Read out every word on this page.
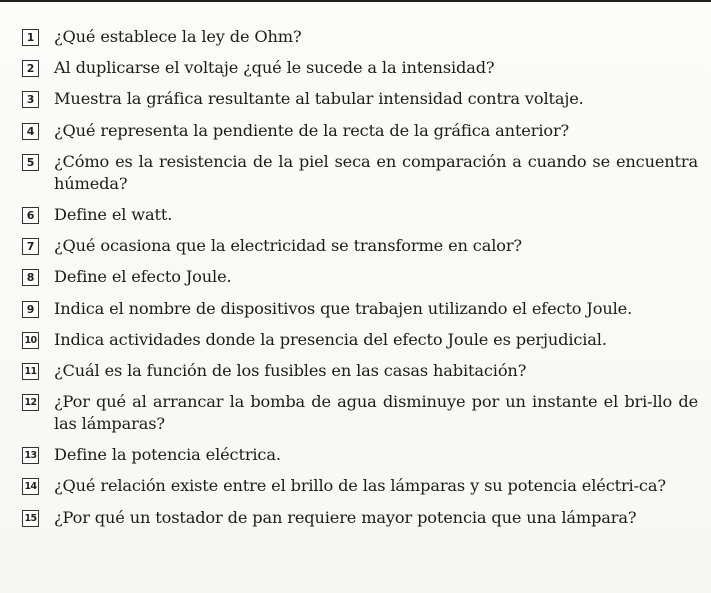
1 ¿Qué establece la ley de Ohm?
2 Al duplicarse el voltaje ¿qué le sucede a la intensidad?
3 Muestra la gráfica resultante al tabular intensidad contra voltaje.
4 ¿Qué representa la pendiente de la recta de la gráfica anterior?
5 ¿Cómo es la resistencia de la piel seca en comparación a cuando se encuentra húmeda?
6 Define el watt.
7 ¿Qué ocasiona que la electricidad se transforme en calor?
8 Define el efecto Joule.
9 Indica el nombre de dispositivos que trabajen utilizando el efecto Joule.
10 Indica actividades donde la presencia del efecto Joule es perjudicial.
11 ¿Cuál es la función de los fusibles en las casas habitación?
12 ¿Por qué al arrancar la bomba de agua disminuye por un instante el bri-llo de las lámparas?
13 Define la potencia eléctrica.
14 ¿Qué relación existe entre el brillo de las lámparas y su potencia eléctri-ca?
15 ¿Por qué un tostador de pan requiere mayor potencia que una lámpara?
